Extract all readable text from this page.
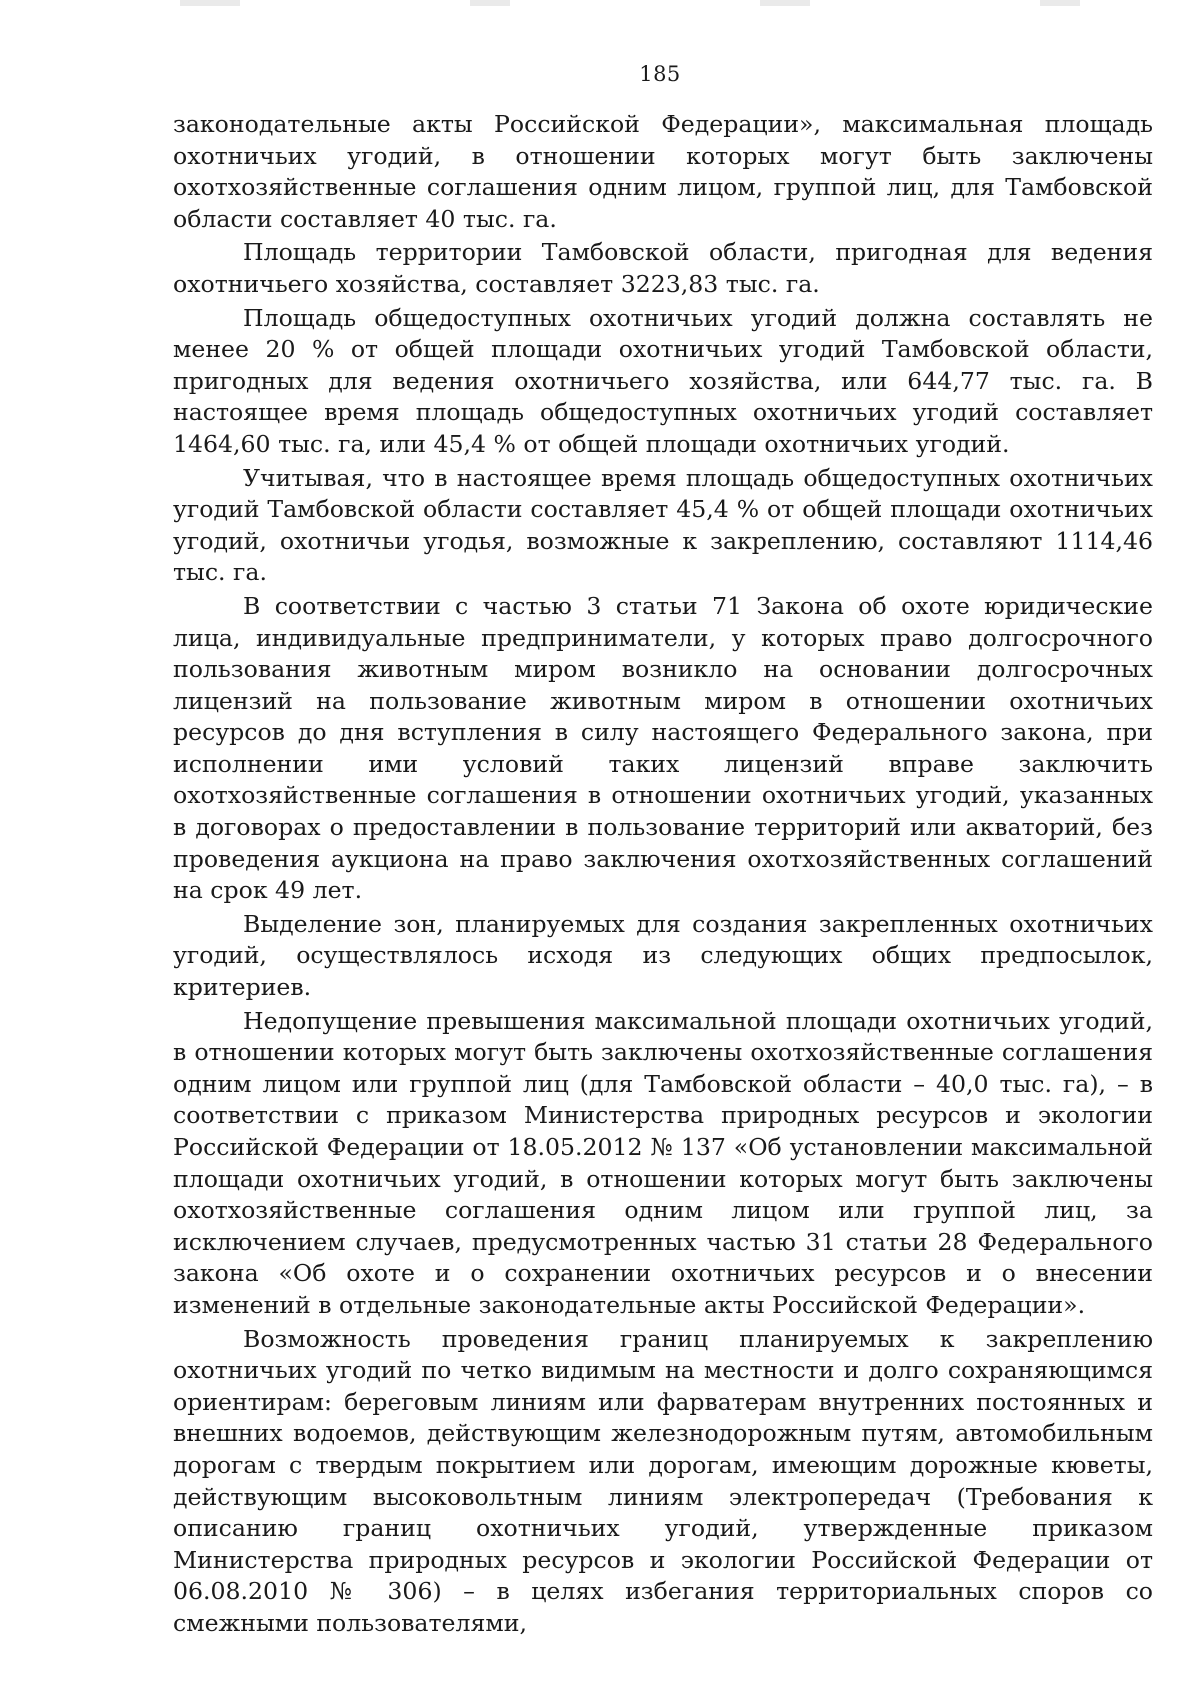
185

законодательные акты Российской Федерации», максимальная площадь охотничьих угодий, в отношении которых могут быть заключены охотхозяйственные соглашения одним лицом, группой лиц, для Тамбовской области составляет 40 тыс. га.

Площадь территории Тамбовской области, пригодная для ведения охотничьего хозяйства, составляет 3223,83 тыс. га.

Площадь общедоступных охотничьих угодий должна составлять не менее 20 % от общей площади охотничьих угодий Тамбовской области, пригодных для ведения охотничьего хозяйства, или 644,77 тыс. га. В настоящее время площадь общедоступных охотничьих угодий составляет 1464,60 тыс. га, или 45,4 % от общей площади охотничьих угодий.

Учитывая, что в настоящее время площадь общедоступных охотничьих угодий Тамбовской области составляет 45,4 % от общей площади охотничьих угодий, охотничьи угодья, возможные к закреплению, составляют 1114,46 тыс. га.

В соответствии с частью 3 статьи 71 Закона об охоте юридические лица, индивидуальные предприниматели, у которых право долгосрочного пользования животным миром возникло на основании долгосрочных лицензий на пользование животным миром в отношении охотничьих ресурсов до дня вступления в силу настоящего Федерального закона, при исполнении ими условий таких лицензий вправе заключить охотхозяйственные соглашения в отношении охотничьих угодий, указанных в договорах о предоставлении в пользование территорий или акваторий, без проведения аукциона на право заключения охотхозяйственных соглашений на срок 49 лет.

Выделение зон, планируемых для создания закрепленных охотничьих угодий, осуществлялось исходя из следующих общих предпосылок, критериев.

Недопущение превышения максимальной площади охотничьих угодий, в отношении которых могут быть заключены охотхозяйственные соглашения одним лицом или группой лиц (для Тамбовской области – 40,0 тыс. га), – в соответствии с приказом Министерства природных ресурсов и экологии Российской Федерации от 18.05.2012 № 137 «Об установлении максимальной площади охотничьих угодий, в отношении которых могут быть заключены охотхозяйственные соглашения одним лицом или группой лиц, за исключением случаев, предусмотренных частью 31 статьи 28 Федерального закона «Об охоте и о сохранении охотничьих ресурсов и о внесении изменений в отдельные законодательные акты Российской Федерации».

Возможность проведения границ планируемых к закреплению охотничьих угодий по четко видимым на местности и долго сохраняющимся ориентирам: береговым линиям или фарватерам внутренних постоянных и внешних водоемов, действующим железнодорожным путям, автомобильным дорогам с твердым покрытием или дорогам, имеющим дорожные кюветы, действующим высоковольтным линиям электропередач (Требования к описанию границ охотничьих угодий, утвержденные приказом Министерства природных ресурсов и экологии Российской Федерации от 06.08.2010 № 306) – в целях избегания территориальных споров со смежными пользователями,
